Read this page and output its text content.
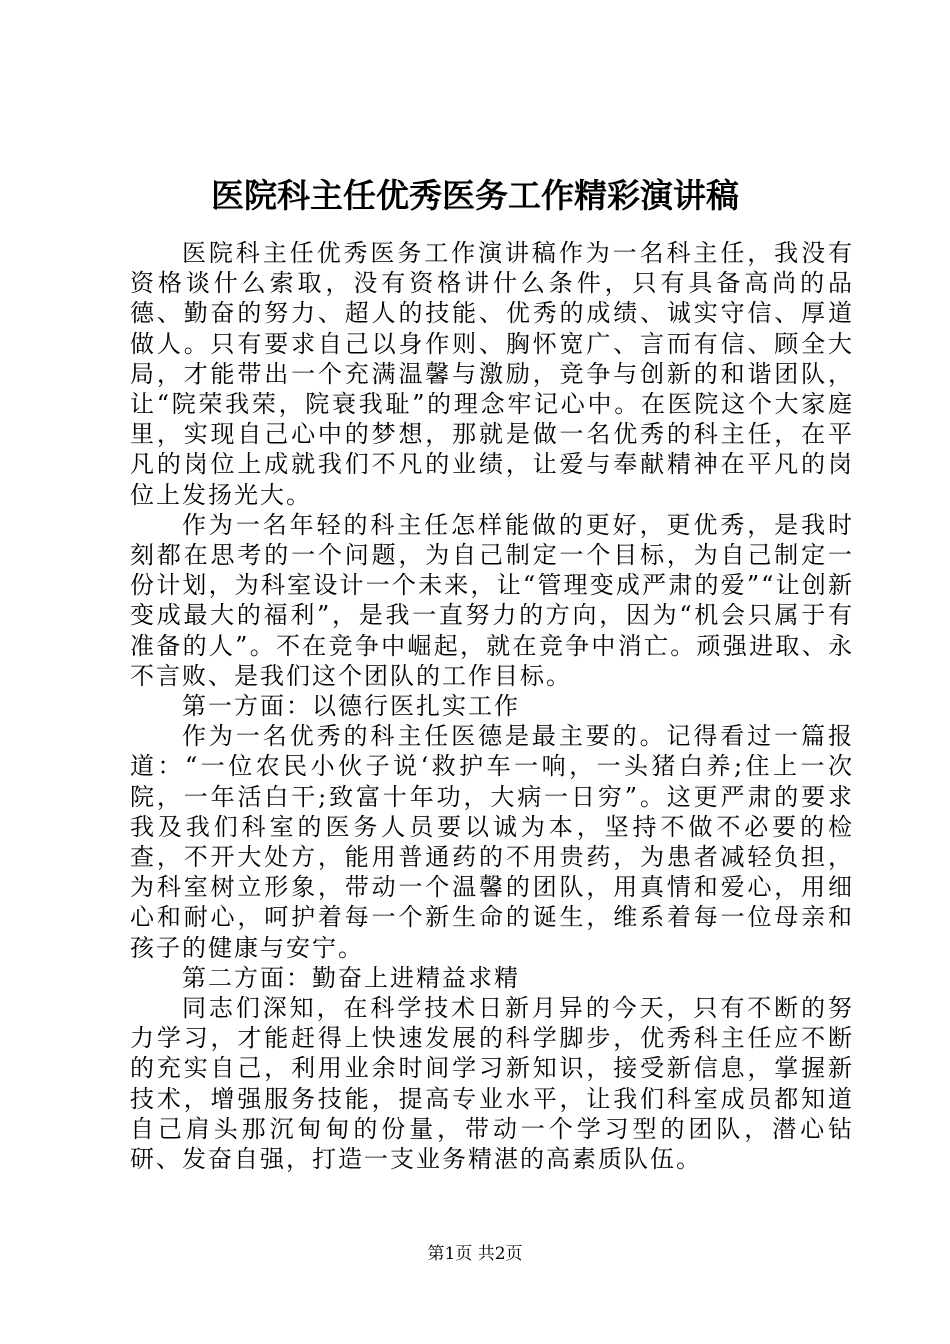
医院科主任优秀医务工作精彩演讲稿

医院科主任优秀医务工作演讲稿作为一名科主任，我没有资格谈什么索取，没有资格讲什么条件，只有具备高尚的品德、勤奋的努力、超人的技能、优秀的成绩、诚实守信、厚道做人。只有要求自己以身作则、胸怀宽广、言而有信、顾全大局，才能带出一个充满温馨与激励，竞争与创新的和谐团队，让“院荣我荣，院衰我耻”的理念牢记心中。在医院这个大家庭里，实现自己心中的梦想，那就是做一名优秀的科主任，在平凡的岗位上成就我们不凡的业绩，让爱与奉献精神在平凡的岗位上发扬光大。

作为一名年轻的科主任怎样能做的更好，更优秀，是我时刻都在思考的一个问题，为自己制定一个目标，为自己制定一份计划，为科室设计一个未来，让“管理变成严肃的爱”“让创新变成最大的福利”，是我一直努力的方向，因为“机会只属于有准备的人”。不在竞争中崛起，就在竞争中消亡。顽强进取、永不言败、是我们这个团队的工作目标。

第一方面：以德行医扎实工作

作为一名优秀的科主任医德是最主要的。记得看过一篇报道：“一位农民小伙子说‘救护车一响，一头猪白养;住上一次院，一年活白干;致富十年功，大病一日穷”。这更严肃的要求我及我们科室的医务人员要以诚为本，坚持不做不必要的检查，不开大处方，能用普通药的不用贵药，为患者减轻负担，为科室树立形象，带动一个温馨的团队，用真情和爱心，用细心和耐心，呵护着每一个新生命的诞生，维系着每一位母亲和孩子的健康与安宁。

第二方面：勤奋上进精益求精

同志们深知，在科学技术日新月异的今天，只有不断的努力学习，才能赶得上快速发展的科学脚步，优秀科主任应不断的充实自己，利用业余时间学习新知识，接受新信息，掌握新技术，增强服务技能，提高专业水平，让我们科室成员都知道自己肩头那沉甸甸的份量，带动一个学习型的团队，潜心钻研、发奋自强，打造一支业务精湛的高素质队伍。

第1页 共2页
